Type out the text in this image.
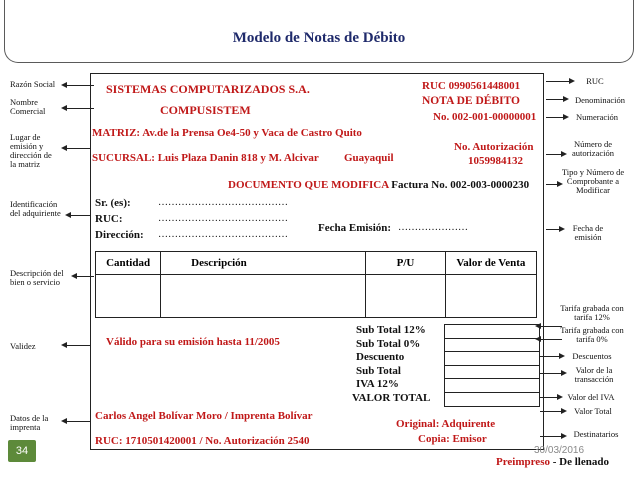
Modelo de Notas de Débito
SISTEMAS COMPUTARIZADOS S.A.
COMPUSISTEM
MATRIZ: Av.de la Prensa Oe4-50 y Vaca de Castro Quito
SUCURSAL: Luis Plaza Danin 818 y M. Alcivar Guayaquil
RUC 0990561448001
NOTA DE DÉBITO
No. 002-001-00000001
No. Autorización
1059984132
DOCUMENTO QUE MODIFICA Factura No. 002-003-0000230
Sr. (es):	…………………………………
RUC:	…………………………………
Dirección: …………………………………
Fecha Emisión: …………………
Cantidad	Descripción	P/U	Valor de Venta

Válido para su emisión hasta 11/2005
Sub Total 12%
Sub Total 0%
Descuento
Sub Total
IVA 12%
VALOR TOTAL

Carlos Angel Bolívar Moro / Imprenta Bolívar
RUC: 1710501420001 / No. Autorización 2540
Original: Adquirente
Copia: Emisor
Preimpreso - De llenado
Razón Social
Nombre Comercial
Lugar de emisión y dirección de la matriz
Identificación del adquiriente
Descripción del bien o servicio
Validez
Datos de la imprenta
RUC
Denominación
Numeración
Número de autorización
Tipo y Número de Comprobante a Modificar
Fecha de emisión
Tarifa grabada con tarifa 12%
Tarifa grabada con tarifa 0%
Descuentos
Valor de la transacción
Valor del IVA
Valor Total
Destinatarios
34	30/03/2016
